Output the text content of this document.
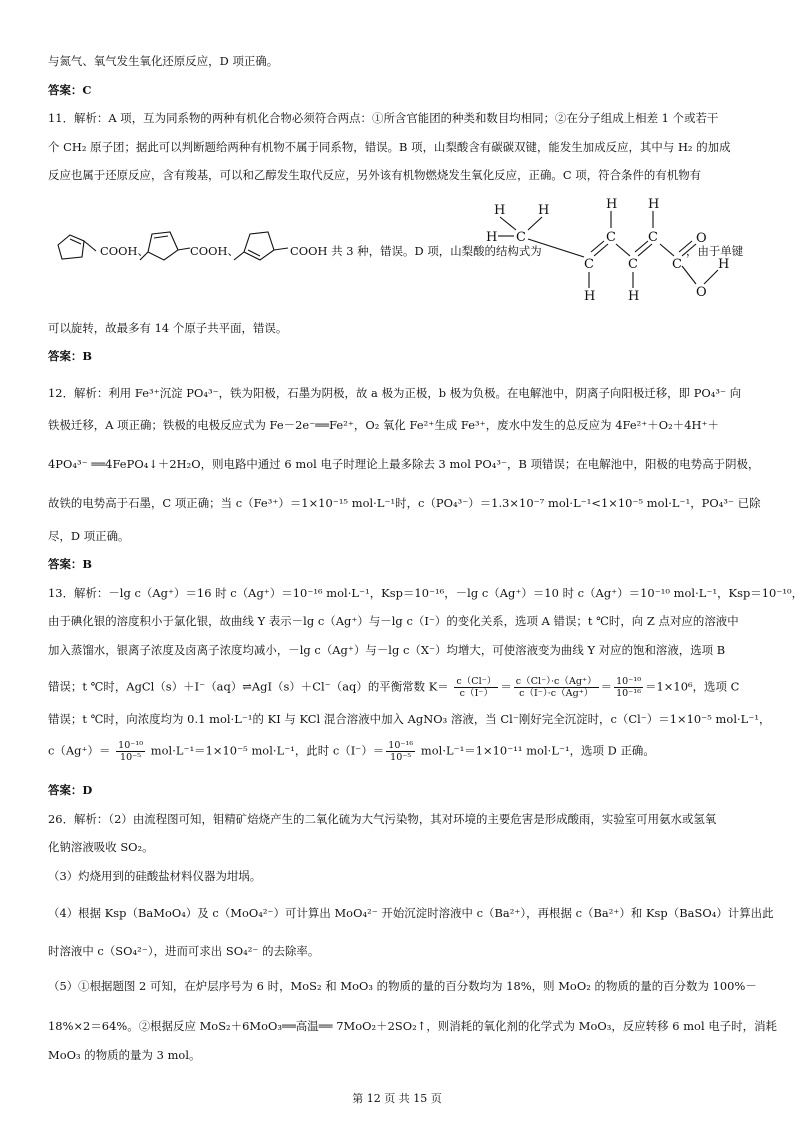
与氮气、氧气发生氧化还原反应，D 项正确。
答案：C
11．解析：A 项，互为同系物的两种有机化合物必须符合两点：①所含官能团的种类和数目均相同；②在分子组成上相差 1 个或若干
个 CH₂ 原子团；据此可以判断题给两种有机物不属于同系物，错误。B 项，山梨酸含有碳碳双键，能发生加成反应，其中与 H₂ 的加成
反应也属于还原反应，含有羧基，可以和乙醇发生取代反应，另外该有机物燃烧发生氧化反应，正确。C 项，符合条件的有机物有
COOH、	COOH、	COOH 共 3 种，错误。D 项，山梨酸的结构式为
H	H
H C
H
C
H
C
C	C
H	H
O
C	H
O
，由于单键
可以旋转，故最多有 14 个原子共平面，错误。
答案：B
12．解析：利用 Fe³⁺沉淀 PO₄³⁻，铁为阳极，石墨为阴极，故 a 极为正极，b 极为负极。在电解池中，阴离子向阳极迁移，即 PO₄³⁻ 向
铁极迁移，A 项正确；铁极的电极反应式为 Fe－2e⁻══Fe²⁺，O₂ 氧化 Fe²⁺生成 Fe³⁺，废水中发生的总反应为 4Fe²⁺＋O₂＋4H⁺＋
4PO₄³⁻ ══4FePO₄↓＋2H₂O，则电路中通过 6 mol 电子时理论上最多除去 3 mol PO₄³⁻，B 项错误；在电解池中，阳极的电势高于阴极，
故铁的电势高于石墨，C 项正确；当 c（Fe³⁺）＝1×10⁻¹⁵ mol·L⁻¹时，c（PO₄³⁻）＝1.3×10⁻⁷ mol·L⁻¹<1×10⁻⁵ mol·L⁻¹，PO₄³⁻ 已除
尽，D 项正确。
答案：B
13．解析：－lg c（Ag⁺）＝16 时 c（Ag⁺）＝10⁻¹⁶ mol·L⁻¹，Ksp＝10⁻¹⁶，－lg c（Ag⁺）＝10 时 c（Ag⁺）＝10⁻¹⁰ mol·L⁻¹，Ksp＝10⁻¹⁰，
由于碘化银的溶度积小于氯化银，故曲线 Y 表示－lg c（Ag⁺）与－lg c（I⁻）的变化关系，选项 A 错误；t ℃时，向 Z 点对应的溶液中
加入蒸馏水，银离子浓度及卤离子浓度均减小，－lg c（Ag⁺）与－lg c（X⁻）均增大，可使溶液变为曲线 Y 对应的饱和溶液，选项 B
错误；t ℃时，AgCl（s）＋I⁻（aq）⇌AgI（s）＋Cl⁻（aq）的平衡常数 $K= \frac{c(Cl^-)}{c(I^-)} = \frac{c(Cl^-)\cdot c(Ag^+)}{c(I^-)\cdot c(Ag^+)} = \frac{\text{10⁻¹⁰}}{\text{10⁻¹⁶}} =1\times 10^6$，选项 C
错误；t ℃时，向浓度均为 0.1 mol·L⁻¹的 KI 与 KCl 混合溶液中加入 AgNO₃ 溶液，当 Cl⁻刚好完全沉淀时，c（Cl⁻）＝1×10⁻⁵ mol·L⁻¹，
$c(Ag^+)= \frac{\text{10⁻¹⁰}}{\text{10⁻⁵}} mol\cdot L^{-1}=1\times 10^{-5}$ mol·L⁻¹，此时 $c(I^-)= \frac{\text{10⁻¹⁶}}{\text{10⁻⁵}} mol\cdot L^{-1}=1\times 10^{-11}$ mol·L⁻¹，选项 D 正确。
答案：D
26．解析：（2）由流程图可知，钼精矿焙烧产生的二氧化硫为大气污染物，其对环境的主要危害是形成酸雨，实验室可用氨水或氢氧
化钠溶液吸收 SO₂。
（3）灼烧用到的硅酸盐材料仪器为坩埚。
（4）根据 Ksp（BaMoO₄）及 c（MoO₄²⁻）可计算出 MoO₄²⁻ 开始沉淀时溶液中 c（Ba²⁺），再根据 c（Ba²⁺）和 Ksp（BaSO₄）计算出此
时溶液中 c（SO₄²⁻），进而可求出 SO₄²⁻ 的去除率。
（5）①根据题图 2 可知，在炉层序号为 6 时，MoS₂ 和 MoO₃ 的物质的量的百分数均为 18%，则 MoO₂ 的物质的量的百分数为 100%－
18%×2＝64%。②根据反应 MoS₂＋6MoO₃══高温══ 7MoO₂＋2SO₂↑，则消耗的氧化剂的化学式为 MoO₃，反应转移 6 mol 电子时，消耗
MoO₃ 的物质的量为 3 mol。
第 12 页 共 15 页
